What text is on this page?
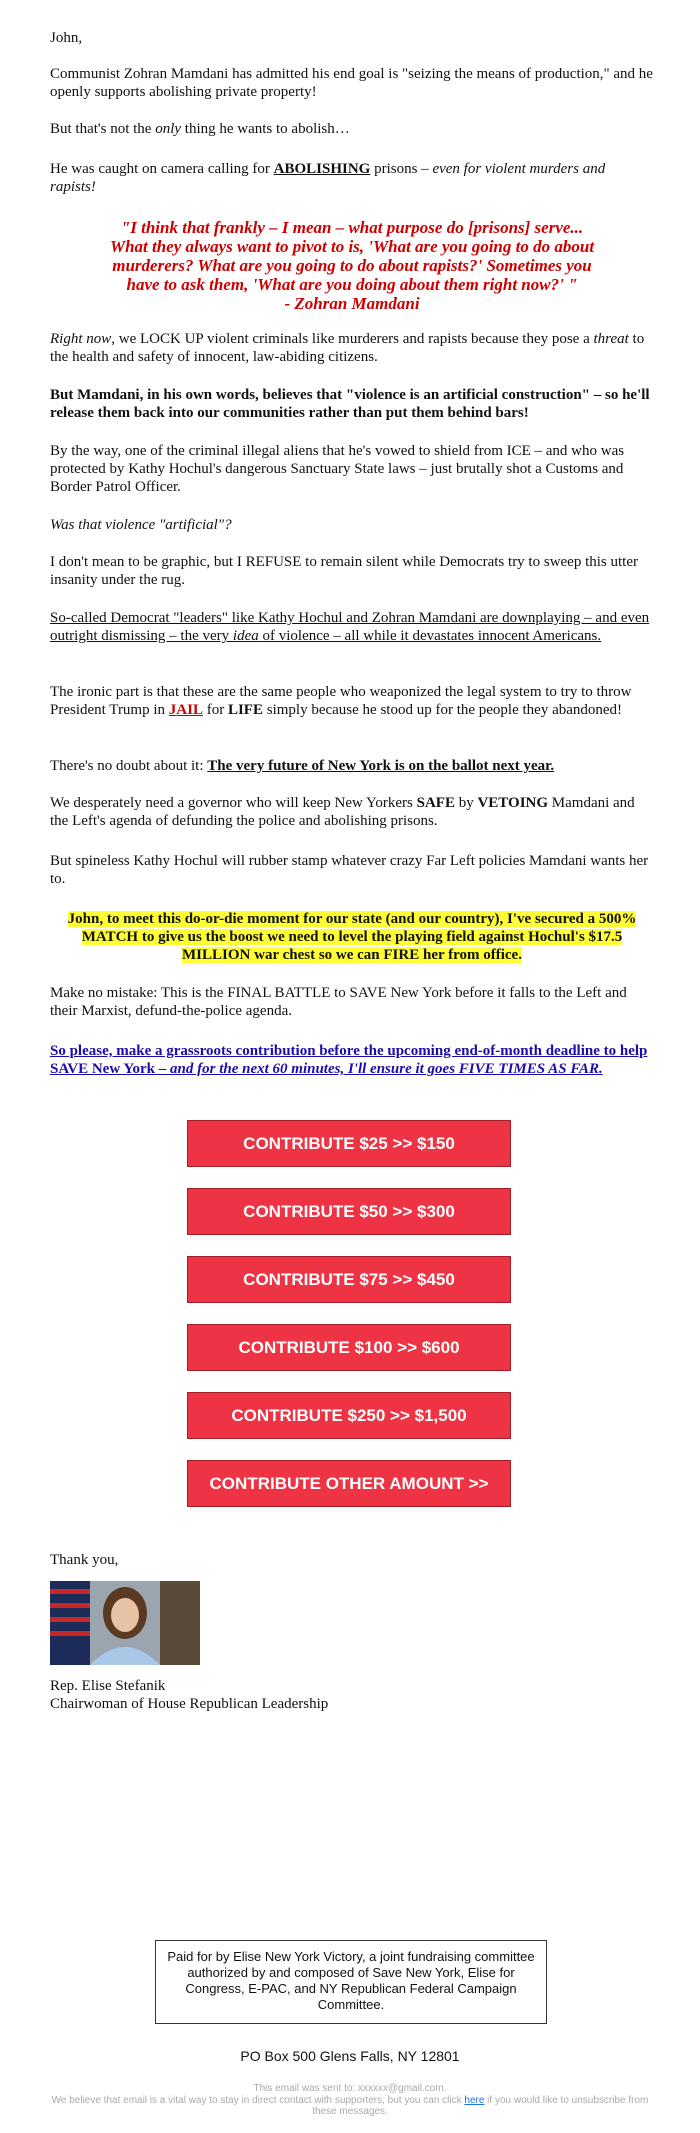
John,

Communist Zohran Mamdani has admitted his end goal is "seizing the means of production," and he openly supports abolishing private property!

But that's not the only thing he wants to abolish…

He was caught on camera calling for ABOLISHING prisons – even for violent murders and rapists!

"I think that frankly – I mean – what purpose do [prisons] serve...
What they always want to pivot to is, 'What are you going to do about
murderers? What are you going to do about rapists?' Sometimes you
have to ask them, 'What are you doing about them right now?' "
- Zohran Mamdani

Right now, we LOCK UP violent criminals like murderers and rapists because they pose a threat to the health and safety of innocent, law-abiding citizens.

But Mamdani, in his own words, believes that "violence is an artificial construction" – so he'll release them back into our communities rather than put them behind bars!

By the way, one of the criminal illegal aliens that he's vowed to shield from ICE – and who was protected by Kathy Hochul's dangerous Sanctuary State laws – just brutally shot a Customs and Border Patrol Officer.

Was that violence "artificial"?

I don't mean to be graphic, but I REFUSE to remain silent while Democrats try to sweep this utter insanity under the rug.

So-called Democrat "leaders" like Kathy Hochul and Zohran Mamdani are downplaying – and even outright dismissing – the very idea of violence – all while it devastates innocent Americans.

The ironic part is that these are the same people who weaponized the legal system to try to throw President Trump in JAIL for LIFE simply because he stood up for the people they abandoned!

There's no doubt about it: The very future of New York is on the ballot next year.

We desperately need a governor who will keep New Yorkers SAFE by VETOING Mamdani and the Left's agenda of defunding the police and abolishing prisons.

But spineless Kathy Hochul will rubber stamp whatever crazy Far Left policies Mamdani wants her to.

John, to meet this do-or-die moment for our state (and our country), I've secured a 500% MATCH to give us the boost we need to level the playing field against Hochul's $17.5 MILLION war chest so we can FIRE her from office.

Make no mistake: This is the FINAL BATTLE to SAVE New York before it falls to the Left and their Marxist, defund-the-police agenda.

So please, make a grassroots contribution before the upcoming end-of-month deadline to help SAVE New York – and for the next 60 minutes, I'll ensure it goes FIVE TIMES AS FAR.

Thank you,

Rep. Elise Stefanik

Chairwoman of House Republican Leadership

CONTRIBUTE $25 >> $150
CONTRIBUTE $50 >> $300
CONTRIBUTE $75 >> $450
CONTRIBUTE $100 >> $600
CONTRIBUTE $250 >> $1,500
CONTRIBUTE OTHER AMOUNT >>
Paid for by Elise New York Victory, a joint fundraising committee authorized by and composed of Save New York, Elise for Congress, E-PAC, and NY Republican Federal Campaign Committee.
PO Box 500 Glens Falls, NY 12801
This email was sent to: xxxxxx@gmail.com.
We believe that email is a vital way to stay in direct contact with supporters, but you can click here if you would like to unsubscribe from these messages.
